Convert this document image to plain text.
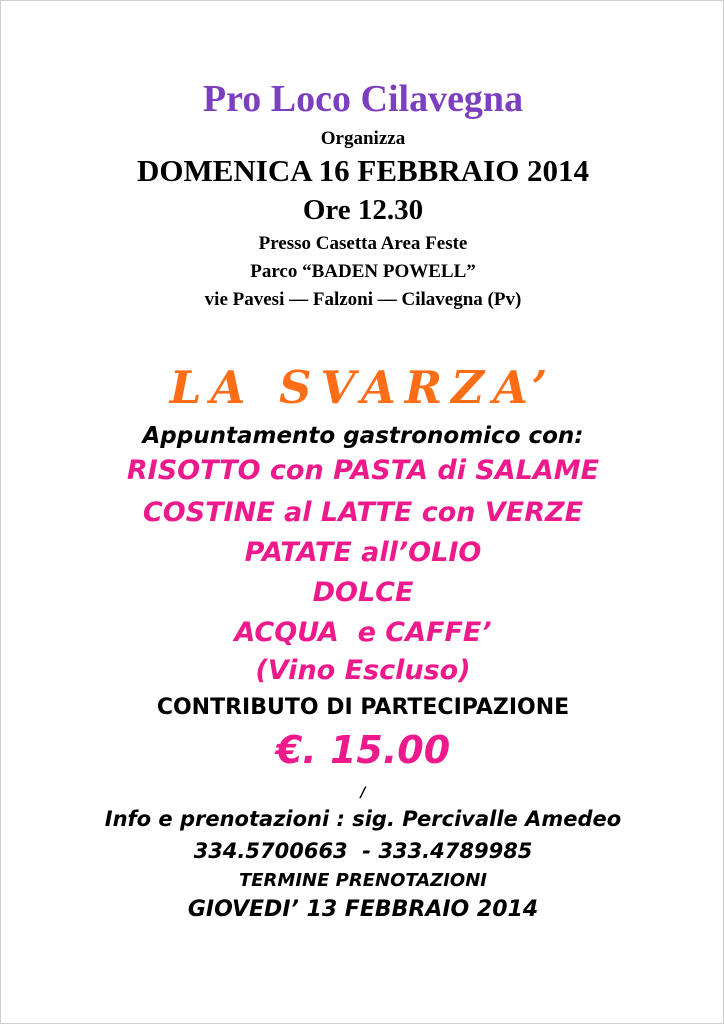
Pro Loco Cilavegna

Organizza

DOMENICA 16 FEBBRAIO 2014

Ore 12.30

Presso Casetta Area Feste

Parco “BADEN POWELL”

vie Pavesi — Falzoni — Cilavegna (Pv)

LA SVARZA’

Appuntamento gastronomico con:

RISOTTO con PASTA di SALAME

COSTINE al LATTE con VERZE

PATATE all’OLIO

DOLCE

ACQUA  e CAFFE’

(Vino Escluso)

CONTRIBUTO DI PARTECIPAZIONE

€. 15.00

/

Info e prenotazioni : sig. Percivalle Amedeo

334.5700663  - 333.4789985

TERMINE PRENOTAZIONI

GIOVEDI’ 13 FEBBRAIO 2014
